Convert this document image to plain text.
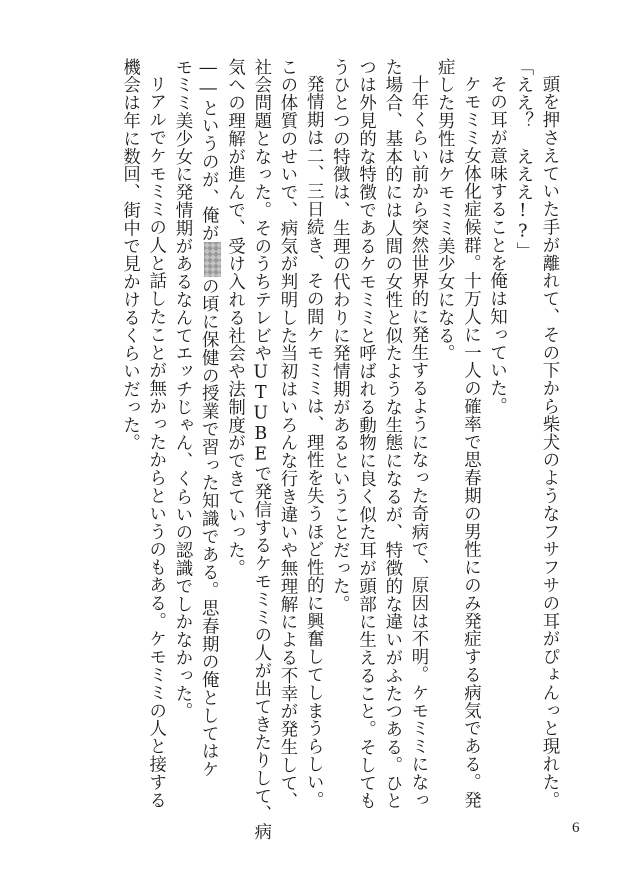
頭を押さえていた手が離れて、その下から柴犬のようなフサフサの耳がぴょんっと現れた。
「ええ？　えええ!?」
その耳が意味することを俺は知っていた。
ケモミミ女体化症候群。十万人に一人の確率で思春期の男性にのみ発症する病気である。発
症した男性はケモミミ美少女になる。
十年くらい前から突然世界的に発生するようになった奇病で、原因は不明。ケモミミになっ
た場合、基本的には人間の女性と似たような生態になるが、特徴的な違いがふたつある。ひと
つは外見的な特徴であるケモミミと呼ばれる動物に良く似た耳が頭部に生えること。そしても
うひとつの特徴は、生理の代わりに発情期があるということだった。
発情期は二、三日続き、その間ケモミミは、理性を失うほど性的に興奮してしまうらしい。
この体質のせいで、病気が判明した当初はいろんな行き違いや無理解による不幸が発生して、
社会問題となった。そのうちテレビやUTUBEで発信するケモミミの人が出てきたりして、病
気への理解が進んで、受け入れる社会や法制度ができていった。
――というのが、俺がの頃に保健の授業で習った知識である。思春期の俺としてはケ
モミミ美少女に発情期があるなんてエッチじゃん、くらいの認識でしかなかった。
リアルでケモミミの人と話したことが無かったからというのもある。ケモミミの人と接する
機会は年に数回、街中で見かけるくらいだった。
6
